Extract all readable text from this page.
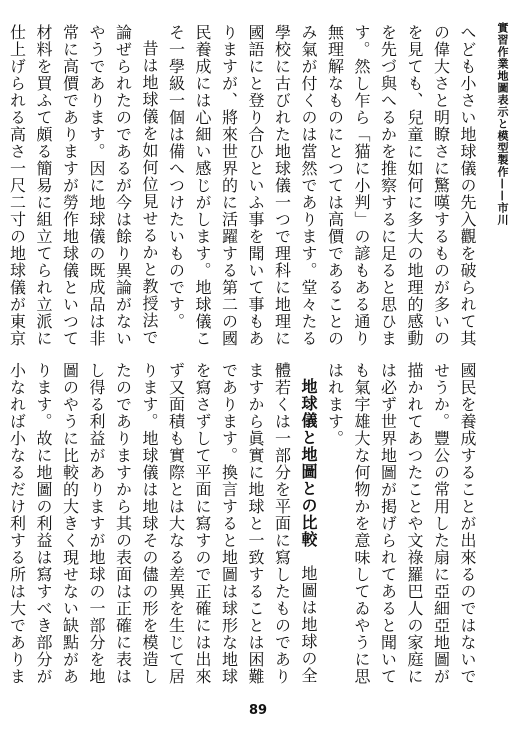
實習作業地圖表示と模型製作——市川

へども小さい地球儀の先入觀を破られて其の偉大さと明瞭さに驚嘆するものが多いのを見ても、兒童に如何に多大の地理的感動を先づ與へるかを推察するに足ると思ひます。然し乍ら「猫に小判」の諺もある通り無理解なものにとつては高價であることのみ氣が付くのは當然であります。堂々たる學校に古びれた地球儀一つで理科に地理に國語にと登り合ひといふ事を聞いて事もありますが、將來世界的に活躍する第二の國民養成には心細い感じがします。地球儀こそ一學級一個は備へつけたいものです。

昔は地球儀を如何位見せるかと教授法で論ぜられたのであるが今は餘り異論がないやうであります。因に地球儀の既成品は非常に高價でありますが勞作地球儀といつて材料を買ふて頗る簡易に組立てられ立派に仕上げられる高さ一尺二寸の地球儀が東京

國民を養成することが出來るのではないでせうか。豐公の常用した扇に亞細亞地圖が描かれてあつたことや文祿羅巴人の家庭には必ず世界地圖が掲げられてあると聞いても氣宇雄大な何物かを意味してゐやうに思はれます。

地球儀と地圖との比較　地圖は地球の全體若くは一部分を平面に寫したものでありますから眞實に地球と一致することは困難であります。換言すると地圖は球形な地球を寫さずして平面に寫すので正確には出來ず又面積も實際とは大なる差異を生じて居ります。地球儀は地球その儘の形を模造したのでありますから其の表面は正確に表はし得る利益がありますが地球の一部分を地圖のやうに比較的大きく現せない缺點があります。故に地圖の利益は寫すべき部分が小なれば小なるだけ利する所は大でありま

89
